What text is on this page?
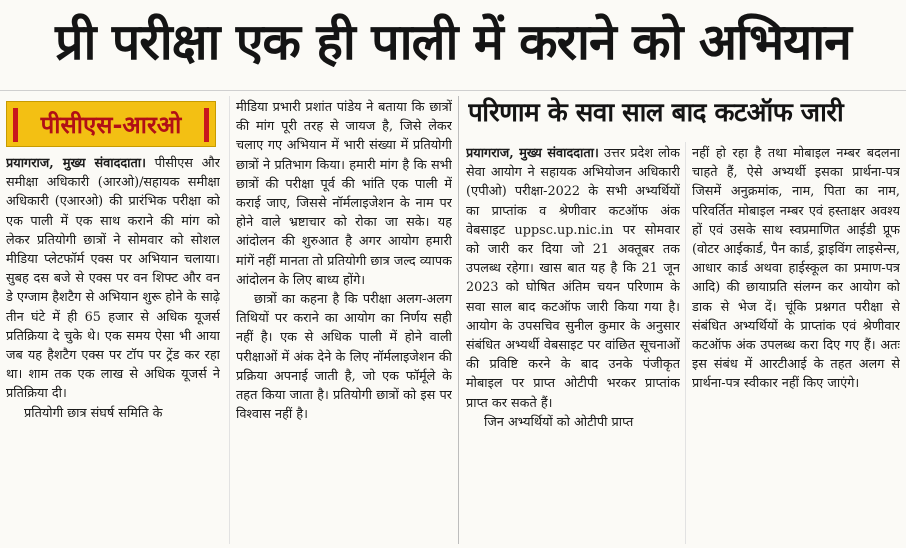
प्री परीक्षा एक ही पाली में कराने को अभियान
पीसीएस-आरओ

प्रयागराज, मुख्य संवाददाता। पीसीएस और समीक्षा अधिकारी (आरओ)/सहायक समीक्षा अधिकारी (एआरओ) की प्रारंभिक परीक्षा को एक पाली में एक साथ कराने की मांग को लेकर प्रतियोगी छात्रों ने सोमवार को सोशल मीडिया प्लेटफॉर्म एक्स पर अभियान चलाया। सुबह दस बजे से एक्स पर वन शिफ्ट और वन डे एग्जाम हैशटैग से अभियान शुरू होने के साढ़े तीन घंटे में ही 65 हजार से अधिक यूजर्स प्रतिक्रिया दे चुके थे। एक समय ऐसा भी आया जब यह हैशटैग एक्स पर टॉप पर ट्रेंड कर रहा था। शाम तक एक लाख से अधिक यूजर्स ने प्रतिक्रिया दी।

प्रतियोगी छात्र संघर्ष समिति के

मीडिया प्रभारी प्रशांत पांडेय ने बताया कि छात्रों की मांग पूरी तरह से जायज है, जिसे लेकर चलाए गए अभियान में भारी संख्या में प्रतियोगी छात्रों ने प्रतिभाग किया। हमारी मांग है कि सभी छात्रों की परीक्षा पूर्व की भांति एक पाली में कराई जाए, जिससे नॉर्मलाइजेशन के नाम पर होने वाले भ्रष्टाचार को रोका जा सके। यह आंदोलन की शुरुआत है अगर आयोग हमारी मांगें नहीं मानता तो प्रतियोगी छात्र जल्द व्यापक आंदोलन के लिए बाध्य होंगे।

छात्रों का कहना है कि परीक्षा अलग-अलग तिथियों पर कराने का आयोग का निर्णय सही नहीं है। एक से अधिक पाली में होने वाली परीक्षाओं में अंक देने के लिए नॉर्मलाइजेशन की प्रक्रिया अपनाई जाती है, जो एक फॉर्मूले के तहत किया जाता है। प्रतियोगी छात्रों को इस पर विश्वास नहीं है।

परिणाम के सवा साल बाद कटऑफ जारी

प्रयागराज, मुख्य संवाददाता। उत्तर प्रदेश लोक सेवा आयोग ने सहायक अभियोजन अधिकारी (एपीओ) परीक्षा-2022 के सभी अभ्यर्थियों का प्राप्तांक व श्रेणीवार कटऑफ अंक वेबसाइट uppsc.up.nic.in पर सोमवार को जारी कर दिया जो 21 अक्तूबर तक उपलब्ध रहेगा। खास बात यह है कि 21 जून 2023 को घोषित अंतिम चयन परिणाम के सवा साल बाद कटऑफ जारी किया गया है। आयोग के उपसचिव सुनील कुमार के अनुसार संबंधित अभ्यर्थी वेबसाइट पर वांछित सूचनाओं की प्रविष्टि करने के बाद उनके पंजीकृत मोबाइल पर प्राप्त ओटीपी भरकर प्राप्तांक प्राप्त कर सकते हैं।

जिन अभ्यर्थियों को ओटीपी प्राप्त

नहीं हो रहा है तथा मोबाइल नम्बर बदलना चाहते हैं, ऐसे अभ्यर्थी इसका प्रार्थना-पत्र जिसमें अनुक्रमांक, नाम, पिता का नाम, परिवर्तित मोबाइल नम्बर एवं हस्ताक्षर अवश्य हों एवं उसके साथ स्वप्रमाणित आईडी प्रूफ (वोटर आईकार्ड, पैन कार्ड, ड्राइविंग लाइसेन्स, आधार कार्ड अथवा हाईस्कूल का प्रमाण-पत्र आदि) की छायाप्रति संलग्न कर आयोग को डाक से भेज दें। चूंकि प्रश्नगत परीक्षा से संबंधित अभ्यर्थियों के प्राप्तांक एवं श्रेणीवार कटऑफ अंक उपलब्ध करा दिए गए हैं। अतः इस संबंध में आरटीआई के तहत अलग से प्रार्थना-पत्र स्वीकार नहीं किए जाएंगे।
